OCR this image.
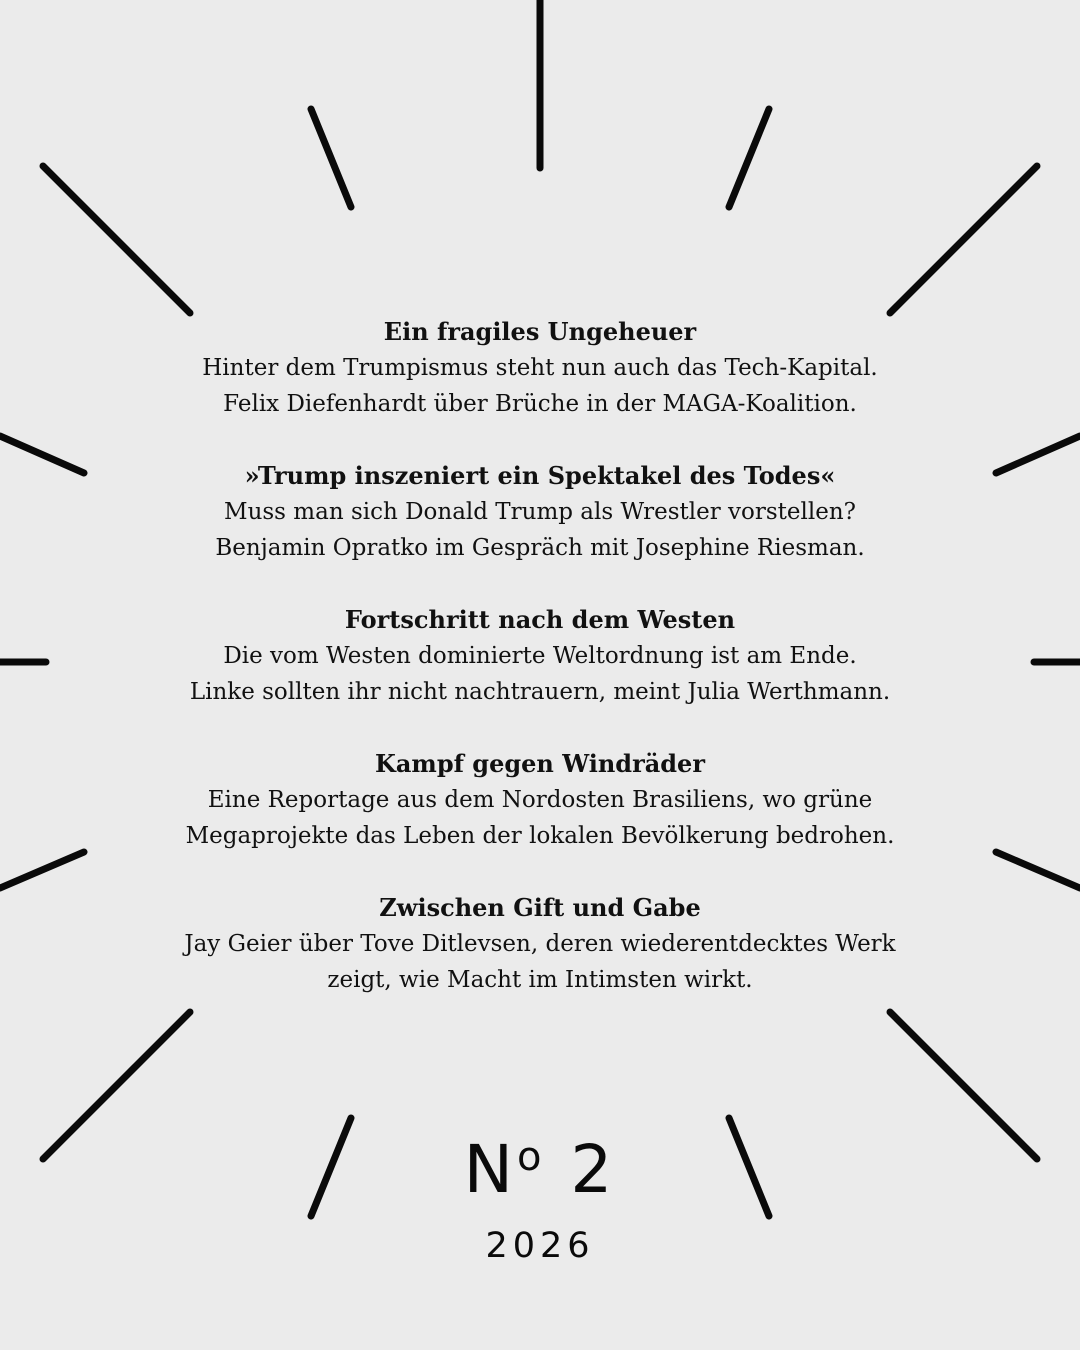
Ein fragiles Ungeheuer
Hinter dem Trumpismus steht nun auch das Tech-Kapital.
Felix Diefenhardt über Brüche in der MAGA-Koalition.
»Trump inszeniert ein Spektakel des Todes«
Muss man sich Donald Trump als Wrestler vorstellen?
Benjamin Opratko im Gespräch mit Josephine Riesman.
Fortschritt nach dem Westen
Die vom Westen dominierte Weltordnung ist am Ende.
Linke sollten ihr nicht nachtrauern, meint Julia Werthmann.
Kampf gegen Windräder
Eine Reportage aus dem Nordosten Brasiliens, wo grüne
Megaprojekte das Leben der lokalen Bevölkerung bedrohen.
Zwischen Gift und Gabe
Jay Geier über Tove Ditlevsen, deren wiederentdecktes Werk
zeigt, wie Macht im Intimsten wirkt.
$N^o$ 2
2026
